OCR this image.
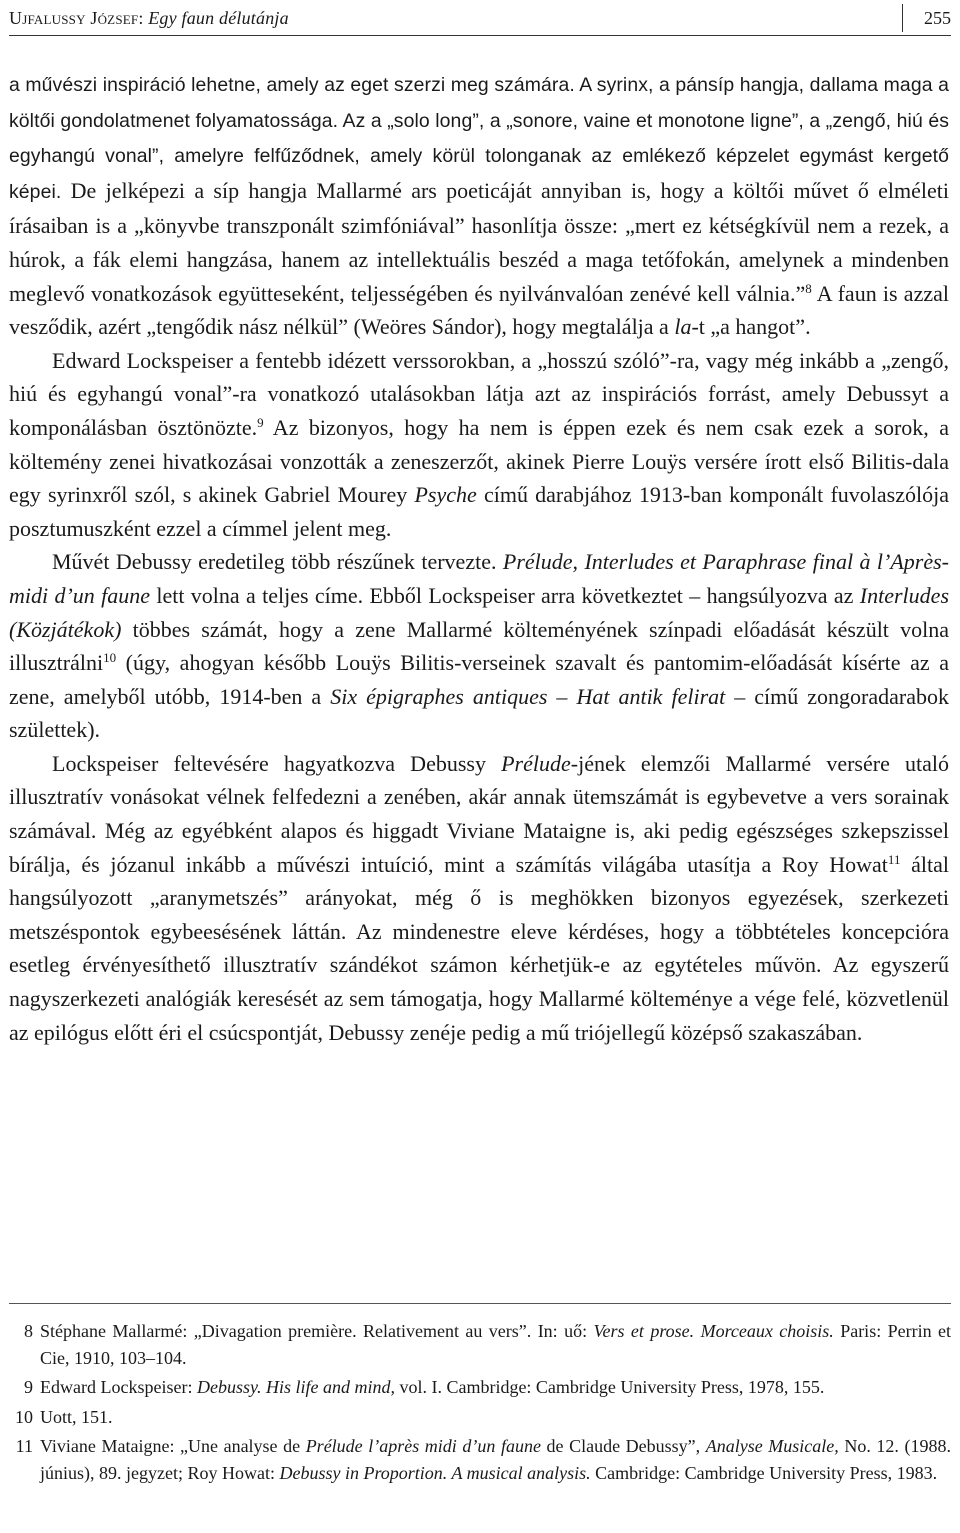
Ujfalussy József: Egy faun délutánja	255

a művészi inspiráció lehetne, amely az eget szerzi meg számára. A syrinx, a pánsíp hangja, dallama maga a költői gondolatmenet folyamatossága. Az a „solo long”, a „sonore, vaine et monotone ligne”, a „zengő, hiú és egyhangú vonal”, amelyre felfűződnek, amely körül tolonganak az emlékező képzelet egymást kergető képei. De jelképezi a síp hangja Mallarmé ars poeticáját annyiban is, hogy a költői művet ő elméleti írásaiban is a „könyvbe transzponált szimfóniával” hasonlítja össze: „mert ez kétségkívül nem a rezek, a húrok, a fák elemi hangzása, hanem az intellektuális beszéd a maga tetőfokán, amelynek a mindenben meglevő vonatkozások együtteseként, teljességében és nyilvánvalóan zenévé kell válnia.”$^8$ A faun is azzal vesződik, azért „tengődik nász nélkül” (Weöres Sándor), hogy megtalálja a la-t „a hangot”.

Edward Lockspeiser a fentebb idézett verssorokban, a „hosszú szóló”-ra, vagy még inkább a „zengő, hiú és egyhangú vonal”-ra vonatkozó utalásokban látja azt az inspirációs forrást, amely Debussyt a komponálásban ösztönözte.$^9$ Az bizonyos, hogy ha nem is éppen ezek és nem csak ezek a sorok, a költemény zenei hivatkozásai vonzották a zeneszerzőt, akinek Pierre Louÿs versére írott első Bilitis-dala egy syrinxről szól, s akinek Gabriel Mourey Psyche című darabjához 1913-ban komponált fuvolaszólója posztumuszként ezzel a címmel jelent meg.

Művét Debussy eredetileg több részűnek tervezte. Prélude, Interludes et Paraphrase final à l’Après-midi d’un faune lett volna a teljes címe. Ebből Lockspeiser arra következtet – hangsúlyozva az Interludes (Közjátékok) többes számát, hogy a zene Mallarmé költeményének színpadi előadását készült volna illusztrálni$^{10}$ (úgy, ahogyan később Louÿs Bilitis-verseinek szavalt és pantomim-előadását kísérte az a zene, amelyből utóbb, 1914-ben a Six épigraphes antiques – Hat antik felirat – című zongoradarabok születtek).

Lockspeiser feltevésére hagyatkozva Debussy Prélude-jének elemzői Mallarmé versére utaló illusztratív vonásokat vélnek felfedezni a zenében, akár annak ütemszámát is egybevetve a vers sorainak számával. Még az egyébként alapos és higgadt Viviane Mataigne is, aki pedig egészséges szkepszissel bírálja, és józanul inkább a művészi intuíció, mint a számítás világába utasítja a Roy Howat$^{11}$ által hangsúlyozott „aranymetszés” arányokat, még ő is meghökken bizonyos egyezések, szerkezeti metszéspontok egybeesésének láttán. Az mindenestre eleve kérdéses, hogy a többtételes koncepcióra esetleg érvényesíthető illusztratív szándékot számon kérhetjük-e az egytételes művön. Az egyszerű nagyszerkezeti analógiák keresését az sem támogatja, hogy Mallarmé költeménye a vége felé, közvetlenül az epilógus előtt éri el csúcspontját, Debussy zenéje pedig a mű triójellegű középső szakaszában.

8 Stéphane Mallarmé: „Divagation première. Relativement au vers”. In: uő: Vers et prose. Morceaux choisis. Paris: Perrin et Cie, 1910, 103–104.
9 Edward Lockspeiser: Debussy. His life and mind, vol. I. Cambridge: Cambridge University Press, 1978, 155.
10 Uott, 151.
11 Viviane Mataigne: „Une analyse de Prélude l’après midi d’un faune de Claude Debussy”, Analyse Musicale, No. 12. (1988. június), 89. jegyzet; Roy Howat: Debussy in Proportion. A musical analysis. Cambridge: Cambridge University Press, 1983.
